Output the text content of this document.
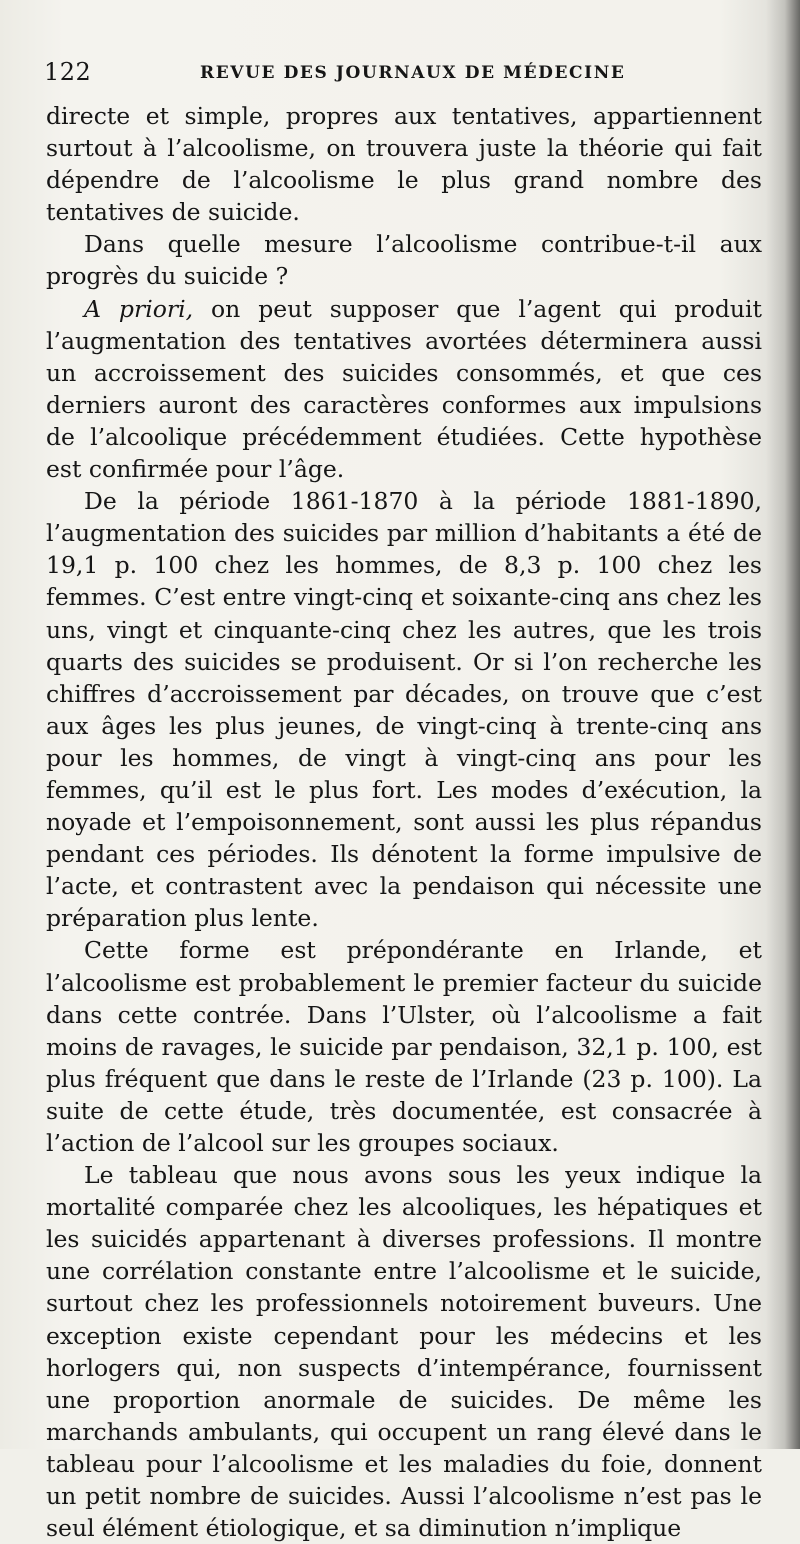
122	REVUE DES JOURNAUX DE MÉDECINE

directe et simple, propres aux tentatives, appartiennent surtout à l’alcoolisme, on trouvera juste la théorie qui fait dépendre de l’alcoolisme le plus grand nombre des tentatives de suicide.

Dans quelle mesure l’alcoolisme contribue-t-il aux progrès du suicide ?

A priori, on peut supposer que l’agent qui produit l’augmentation des tentatives avortées déterminera aussi un accroissement des suicides consommés, et que ces derniers auront des caractères conformes aux impulsions de l’alcoolique précédemment étudiées. Cette hypothèse est confirmée pour l’âge.

De la période 1861-1870 à la période 1881-1890, l’augmentation des suicides par million d’habitants a été de 19,1 p. 100 chez les hommes, de 8,3 p. 100 chez les femmes. C’est entre vingt-cinq et soixante-cinq ans chez les uns, vingt et cinquante-cinq chez les autres, que les trois quarts des suicides se produisent. Or si l’on recherche les chiffres d’accroissement par décades, on trouve que c’est aux âges les plus jeunes, de vingt-cinq à trente-cinq ans pour les hommes, de vingt à vingt-cinq ans pour les femmes, qu’il est le plus fort. Les modes d’exécution, la noyade et l’empoisonnement, sont aussi les plus répandus pendant ces périodes. Ils dénotent la forme impulsive de l’acte, et contrastent avec la pendaison qui nécessite une préparation plus lente.

Cette forme est prépondérante en Irlande, et l’alcoolisme est probablement le premier facteur du suicide dans cette contrée. Dans l’Ulster, où l’alcoolisme a fait moins de ravages, le suicide par pendaison, 32,1 p. 100, est plus fréquent que dans le reste de l’Irlande (23 p. 100). La suite de cette étude, très documentée, est consacrée à l’action de l’alcool sur les groupes sociaux.

Le tableau que nous avons sous les yeux indique la mortalité comparée chez les alcooliques, les hépatiques et les suicidés appartenant à diverses professions. Il montre une corrélation constante entre l’alcoolisme et le suicide, surtout chez les professionnels notoirement buveurs. Une exception existe cependant pour les médecins et les horlogers qui, non suspects d’intempérance, fournissent une proportion anormale de suicides. De même les marchands ambulants, qui occupent un rang élevé dans le tableau pour l’alcoolisme et les maladies du foie, donnent un petit nombre de suicides. Aussi l’alcoolisme n’est pas le seul élément étiologique, et sa diminution n’implique
